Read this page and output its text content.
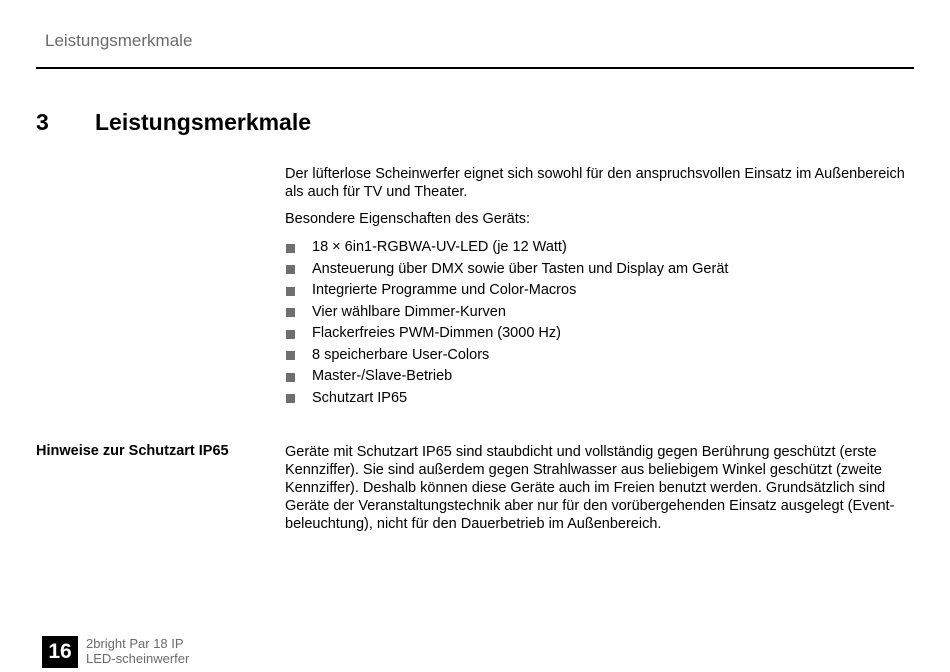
Leistungsmerkmale
3 Leistungsmerkmale

Der lüfterlose Scheinwerfer eignet sich sowohl für den anspruchsvollen Einsatz im Außenbereich als auch für TV und Theater.

Besondere Eigenschaften des Geräts:

18 × 6in1-RGBWA-UV-LED (je 12 Watt)
Ansteuerung über DMX sowie über Tasten und Display am Gerät
Integrierte Programme und Color-Macros
Vier wählbare Dimmer-Kurven
Flackerfreies PWM-Dimmen (3000 Hz)
8 speicherbare User-Colors
Master-/Slave-Betrieb
Schutzart IP65
Hinweise zur Schutzart IP65	Geräte mit Schutzart IP65 sind staubdicht und vollständig gegen Berührung geschützt (erste Kennziffer). Sie sind außerdem gegen Strahlwasser aus beliebigem Winkel geschützt (zweite Kennziffer). Deshalb können diese Geräte auch im Freien benutzt werden. Grundsätzlich sind Geräte der Veranstaltungstechnik aber nur für den vorübergehenden Einsatz ausgelegt (Eventbeleuchtung), nicht für den Dauerbetrieb im Außenbereich.

16	2bright Par 18 IP
LED-scheinwerfer
